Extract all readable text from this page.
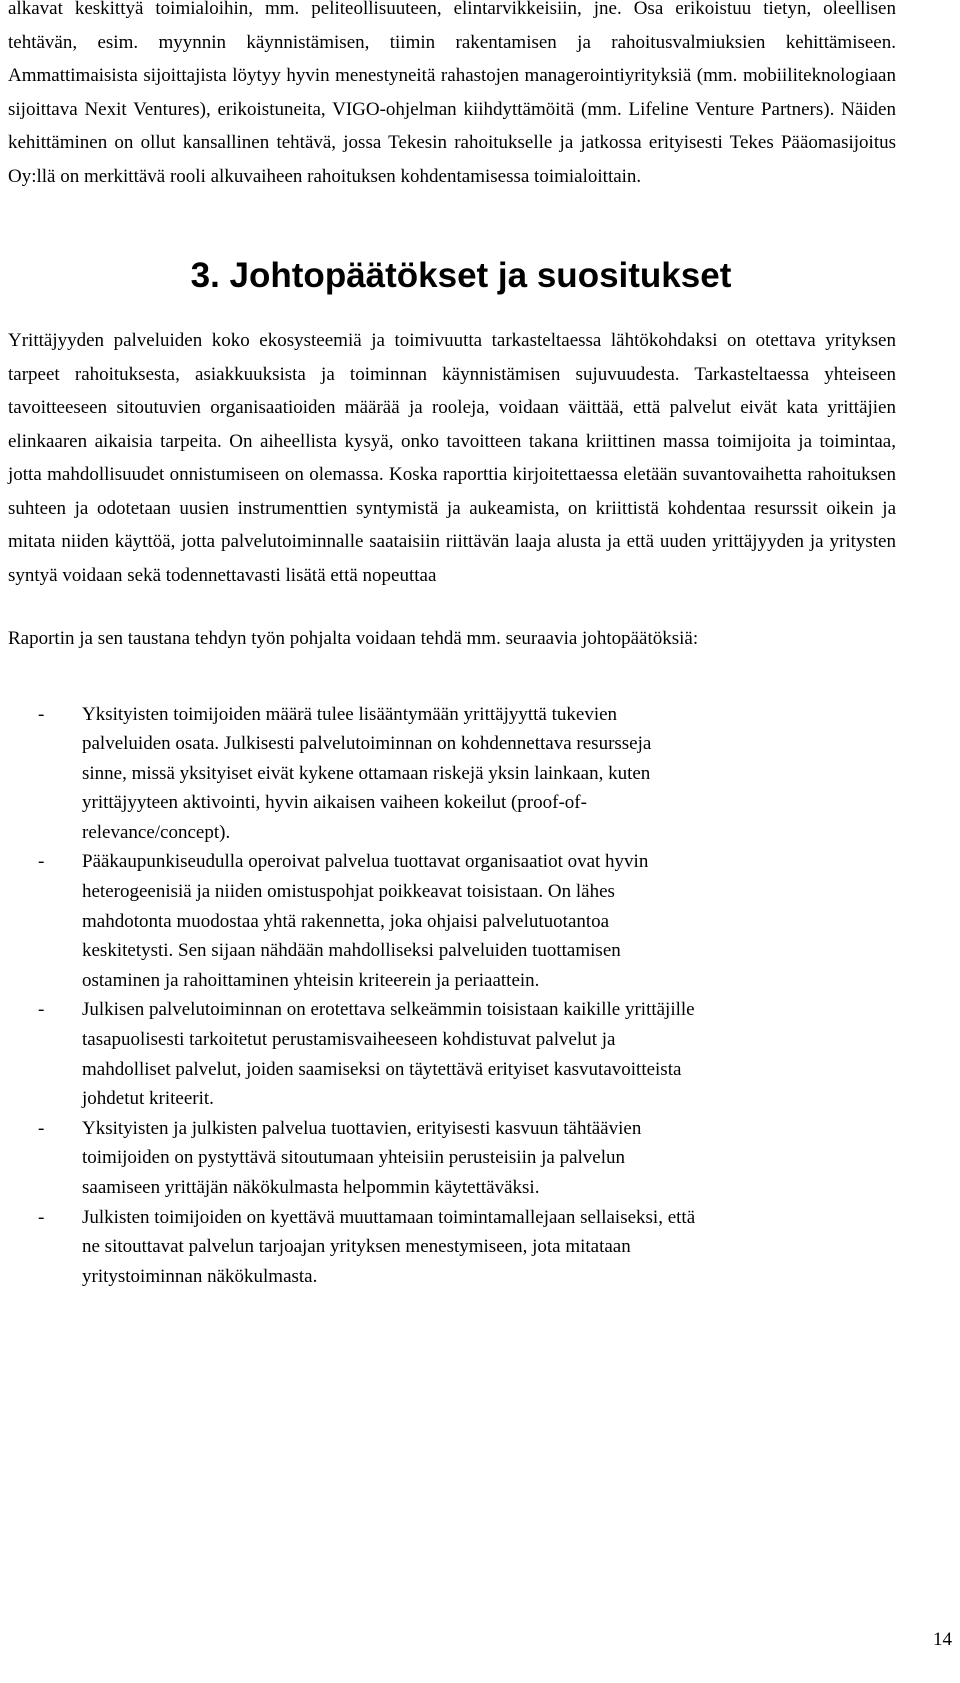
alkavat keskittyä toimialoihin, mm. peliteollisuuteen, elintarvikkeisiin, jne. Osa erikoistuu tietyn, oleellisen tehtävän, esim. myynnin käynnistämisen, tiimin rakentamisen ja rahoitusvalmiuksien kehittämiseen. Ammattimaisista sijoittajista löytyy hyvin menestyneitä rahastojen managerointiyrityksiä (mm. mobiiliteknologiaan sijoittava Nexit Ventures), erikoistuneita, VIGO-ohjelman kiihdyttämöitä (mm. Lifeline Venture Partners). Näiden kehittäminen on ollut kansallinen tehtävä, jossa Tekesin rahoitukselle ja jatkossa erityisesti Tekes Pääomasijoitus Oy:llä on merkittävä rooli alkuvaiheen rahoituksen kohdentamisessa toimialoittain.

3. Johtopäätökset ja suositukset

Yrittäjyyden palveluiden koko ekosysteemiä ja toimivuutta tarkasteltaessa lähtökohdaksi on otettava yrityksen tarpeet rahoituksesta, asiakkuuksista ja toiminnan käynnistämisen sujuvuudesta. Tarkasteltaessa yhteiseen tavoitteeseen sitoutuvien organisaatioiden määrää ja rooleja, voidaan väittää, että palvelut eivät kata yrittäjien elinkaaren aikaisia tarpeita. On aiheellista kysyä, onko tavoitteen takana kriittinen massa toimijoita ja toimintaa, jotta mahdollisuudet onnistumiseen on olemassa. Koska raporttia kirjoitettaessa eletään suvantovaihetta rahoituksen suhteen ja odotetaan uusien instrumenttien syntymistä ja aukeamista, on kriittistä kohdentaa resurssit oikein ja mitata niiden käyttöä, jotta palvelutoiminnalle saataisiin riittävän laaja alusta ja että uuden yrittäjyyden ja yritysten syntyä voidaan sekä todennettavasti lisätä että nopeuttaa

Raportin ja sen taustana tehdyn työn pohjalta voidaan tehdä mm. seuraavia johtopäätöksiä:

- Yksityisten toimijoiden määrä tulee lisääntymään yrittäjyyttä tukevien
palveluiden osata. Julkisesti palvelutoiminnan on kohdennettava resursseja
sinne, missä yksityiset eivät kykene ottamaan riskejä yksin lainkaan, kuten
yrittäjyyteen aktivointi, hyvin aikaisen vaiheen kokeilut (proof-of-
relevance/concept).
- Pääkaupunkiseudulla operoivat palvelua tuottavat organisaatiot ovat hyvin
heterogeenisiä ja niiden omistuspohjat poikkeavat toisistaan. On lähes
mahdotonta muodostaa yhtä rakennetta, joka ohjaisi palvelutuotantoa
keskitetysti. Sen sijaan nähdään mahdolliseksi palveluiden tuottamisen
ostaminen ja rahoittaminen yhteisin kriteerein ja periaattein.
- Julkisen palvelutoiminnan on erotettava selkeämmin toisistaan kaikille yrittäjille
tasapuolisesti tarkoitetut perustamisvaiheeseen kohdistuvat palvelut ja
mahdolliset palvelut, joiden saamiseksi on täytettävä erityiset kasvutavoitteista
johdetut kriteerit.
- Yksityisten ja julkisten palvelua tuottavien, erityisesti kasvuun tähtäävien
toimijoiden on pystyttävä sitoutumaan yhteisiin perusteisiin ja palvelun
saamiseen yrittäjän näkökulmasta helpommin käytettäväksi.
- Julkisten toimijoiden on kyettävä muuttamaan toimintamallejaan sellaiseksi, että
ne sitouttavat palvelun tarjoajan yrityksen menestymiseen, jota mitataan
yritystoiminnan näkökulmasta.
14
